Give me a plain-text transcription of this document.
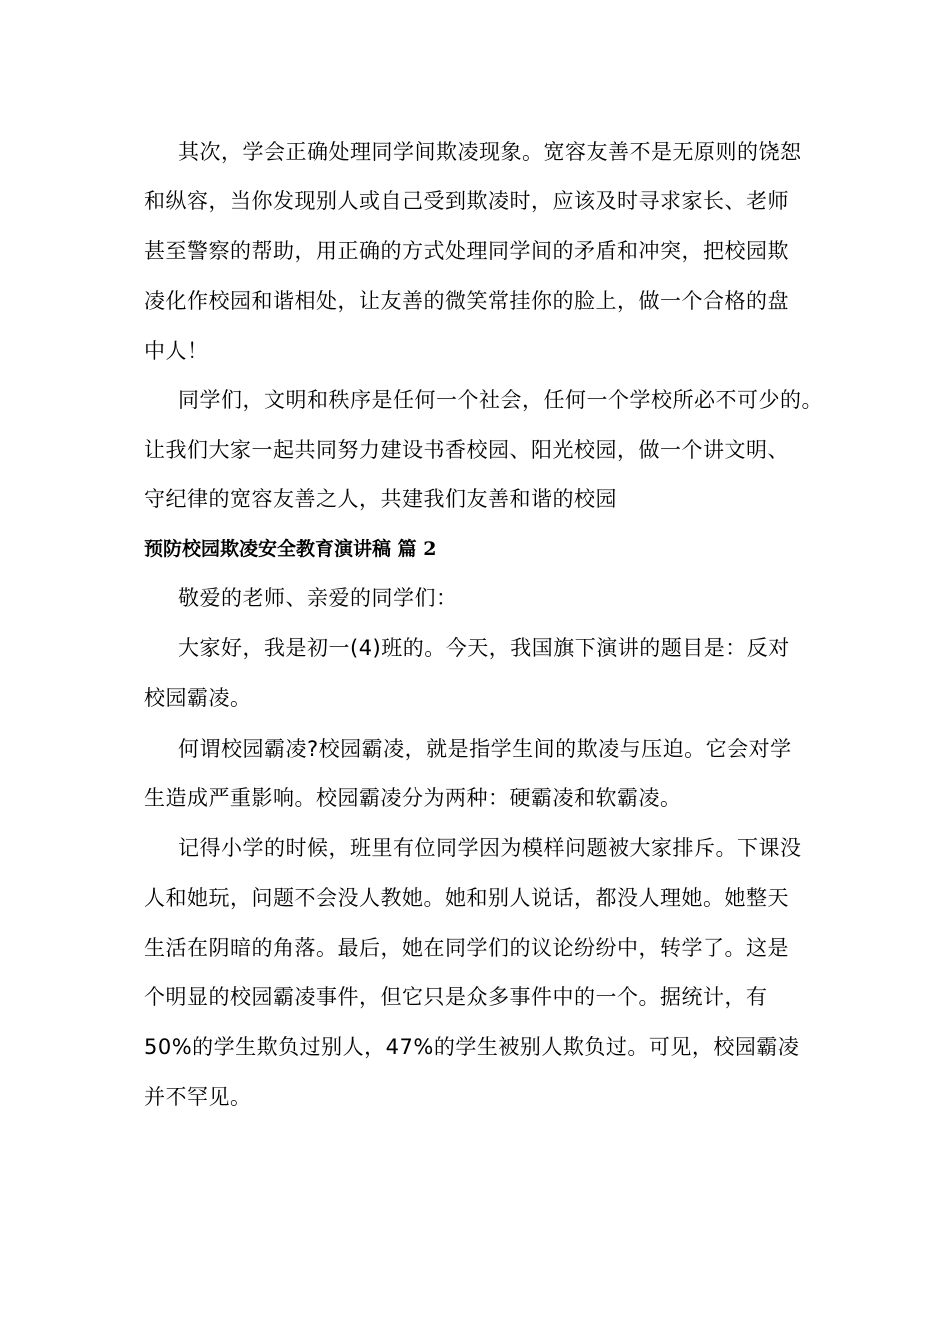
其次，学会正确处理同学间欺凌现象。宽容友善不是无原则的饶恕
和纵容，当你发现别人或自己受到欺凌时，应该及时寻求家长、老师
甚至警察的帮助，用正确的方式处理同学间的矛盾和冲突，把校园欺
凌化作校园和谐相处，让友善的微笑常挂你的脸上，做一个合格的盘
中人！
同学们，文明和秩序是任何一个社会，任何一个学校所必不可少的。
让我们大家一起共同努力建设书香校园、阳光校园，做一个讲文明、
守纪律的宽容友善之人，共建我们友善和谐的校园
预防校园欺凌安全教育演讲稿 篇 2
敬爱的老师、亲爱的同学们：
大家好，我是初一(4)班的。今天，我国旗下演讲的题目是：反对
校园霸凌。
何谓校园霸凌?校园霸凌，就是指学生间的欺凌与压迫。它会对学
生造成严重影响。校园霸凌分为两种：硬霸凌和软霸凌。
记得小学的时候，班里有位同学因为模样问题被大家排斥。下课没
人和她玩，问题不会没人教她。她和别人说话，都没人理她。她整天
生活在阴暗的角落。最后，她在同学们的议论纷纷中，转学了。这是
个明显的校园霸凌事件，但它只是众多事件中的一个。据统计，有
50%的学生欺负过别人，47%的学生被别人欺负过。可见，校园霸凌
并不罕见。
